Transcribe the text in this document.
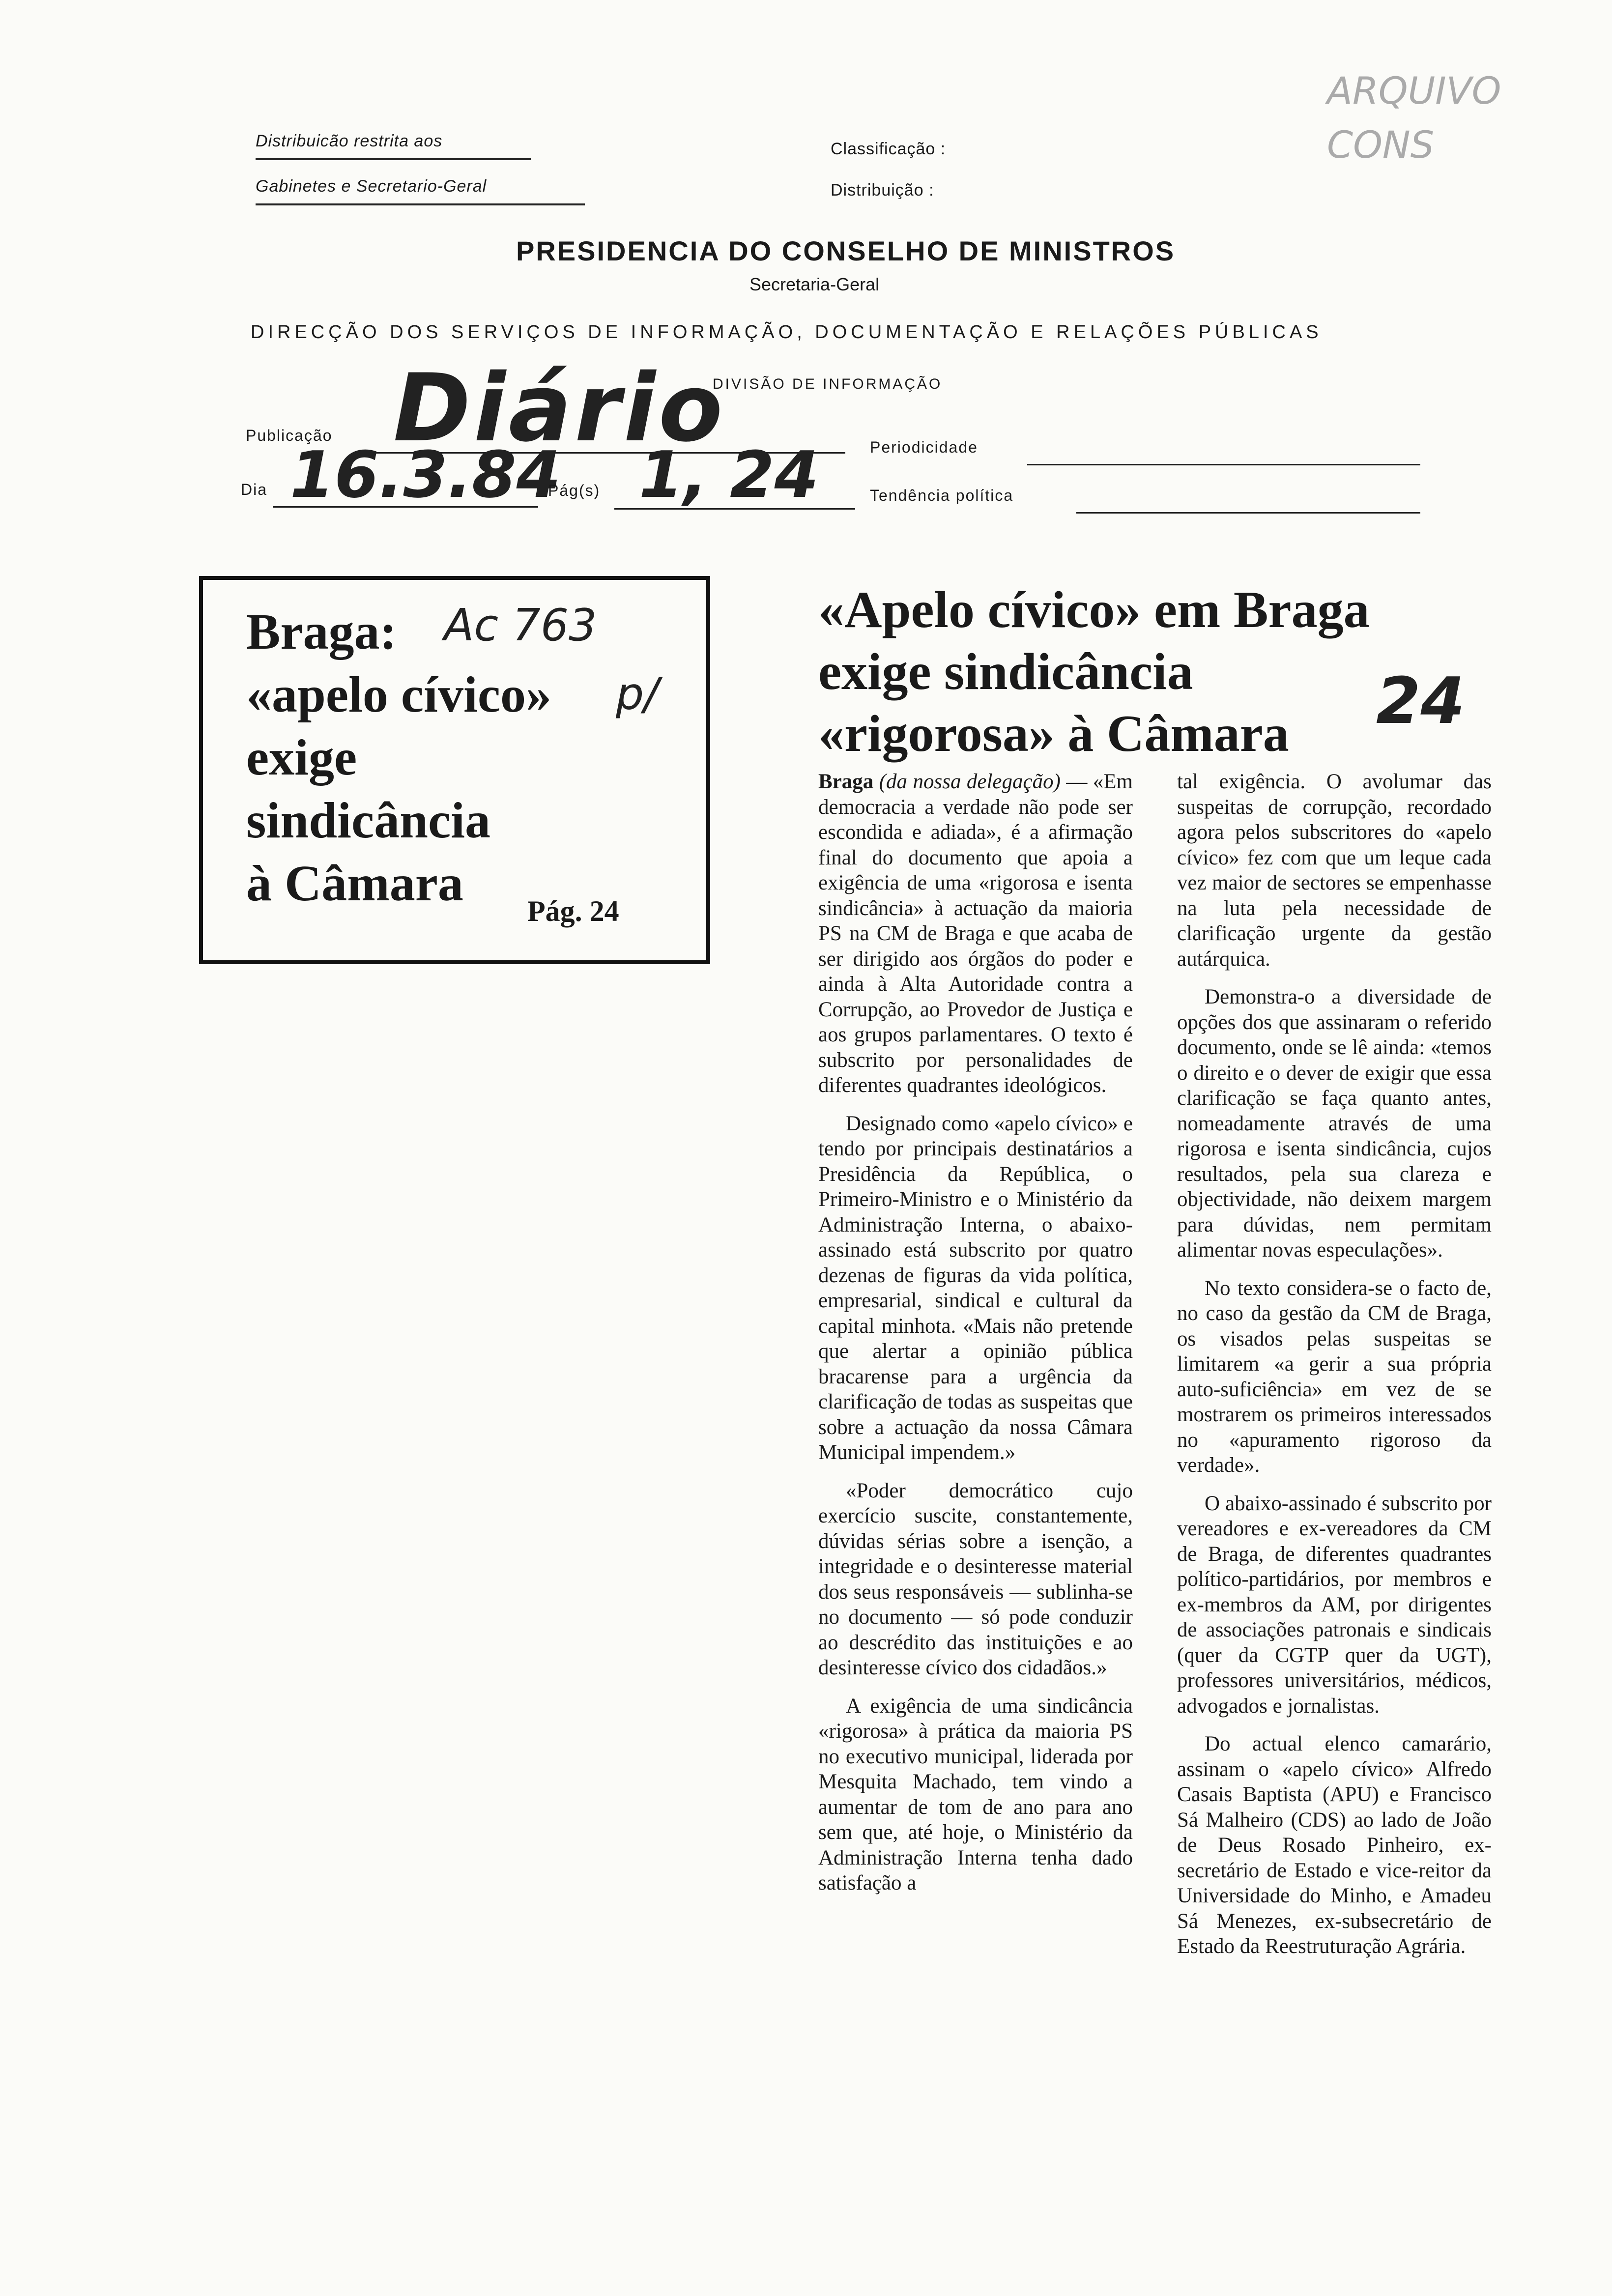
Distribuicão restrita aos
Gabinetes e Secretario-Geral
Classificação :
Distribuição :
ARQUIVO
CONS
PRESIDENCIA DO CONSELHO DE MINISTROS
Secretaria-Geral
DIRECÇÃO DOS SERVIÇOS DE INFORMAÇÃO, DOCUMENTAÇÃO E RELAÇÕES PÚBLICAS
DIVISÃO DE INFORMAÇÃO
Publicação Diário	Periodicidade
Dia 16.3.84
Pág(s) 1, 24	Tendência política
Braga:
«apelo cívico»
exige
sindicância
à Câmara
Ac 763
p/
Pág. 24
«Apelo cívico» em Braga
exige sindicância
«rigorosa» à Câmara	24

Braga (da nossa delegação) — «Em democracia a verdade não pode ser escondida e adiada», é a afirmação final do documento que apoia a exigência de uma «rigorosa e isenta sindicância» à actuação da maioria PS na CM de Braga e que acaba de ser dirigido aos órgãos do poder e ainda à Alta Autoridade contra a Corrupção, ao Provedor de Justiça e aos grupos parlamentares. O texto é subscrito por personalidades de diferentes quadrantes ideológicos.

Designado como «apelo cívico» e tendo por principais destinatários a Presidência da República, o Primeiro-Ministro e o Ministério da Administração Interna, o abaixo-assinado está subscrito por quatro dezenas de figuras da vida política, empresarial, sindical e cultural da capital minhota. «Mais não pretende que alertar a opinião pública bracarense para a urgência da clarificação de todas as suspeitas que sobre a actuação da nossa Câmara Municipal impendem.»

«Poder democrático cujo exercício suscite, constantemente, dúvidas sérias sobre a isenção, a integridade e o desinteresse material dos seus responsáveis — sublinha-se no documento — só pode conduzir ao descrédito das instituições e ao desinteresse cívico dos cidadãos.»

A exigência de uma sindicância «rigorosa» à prática da maioria PS no executivo municipal, liderada por Mesquita Machado, tem vindo a aumentar de tom de ano para ano sem que, até hoje, o Ministério da Administração Interna tenha dado satisfação a

tal exigência. O avolumar das suspeitas de corrupção, recordado agora pelos subscritores do «apelo cívico» fez com que um leque cada vez maior de sectores se empenhasse na luta pela necessidade de clarificação urgente da gestão autárquica.

Demonstra-o a diversidade de opções dos que assinaram o referido documento, onde se lê ainda: «temos o direito e o dever de exigir que essa clarificação se faça quanto antes, nomeadamente através de uma rigorosa e isenta sindicância, cujos resultados, pela sua clareza e objectividade, não deixem margem para dúvidas, nem permitam alimentar novas especulações».

No texto considera-se o facto de, no caso da gestão da CM de Braga, os visados pelas suspeitas se limitarem «a gerir a sua própria auto-suficiência» em vez de se mostrarem os primeiros interessados no «apuramento rigoroso da verdade».

O abaixo-assinado é subscrito por vereadores e ex-vereadores da CM de Braga, de diferentes quadrantes político-partidários, por membros e ex-membros da AM, por dirigentes de associações patronais e sindicais (quer da CGTP quer da UGT), professores universitários, médicos, advogados e jornalistas.

Do actual elenco camarário, assinam o «apelo cívico» Alfredo Casais Baptista (APU) e Francisco Sá Malheiro (CDS) ao lado de João de Deus Rosado Pinheiro, ex-secretário de Estado e vice-reitor da Universidade do Minho, e Amadeu Sá Menezes, ex-subsecretário de Estado da Reestruturação Agrária.
